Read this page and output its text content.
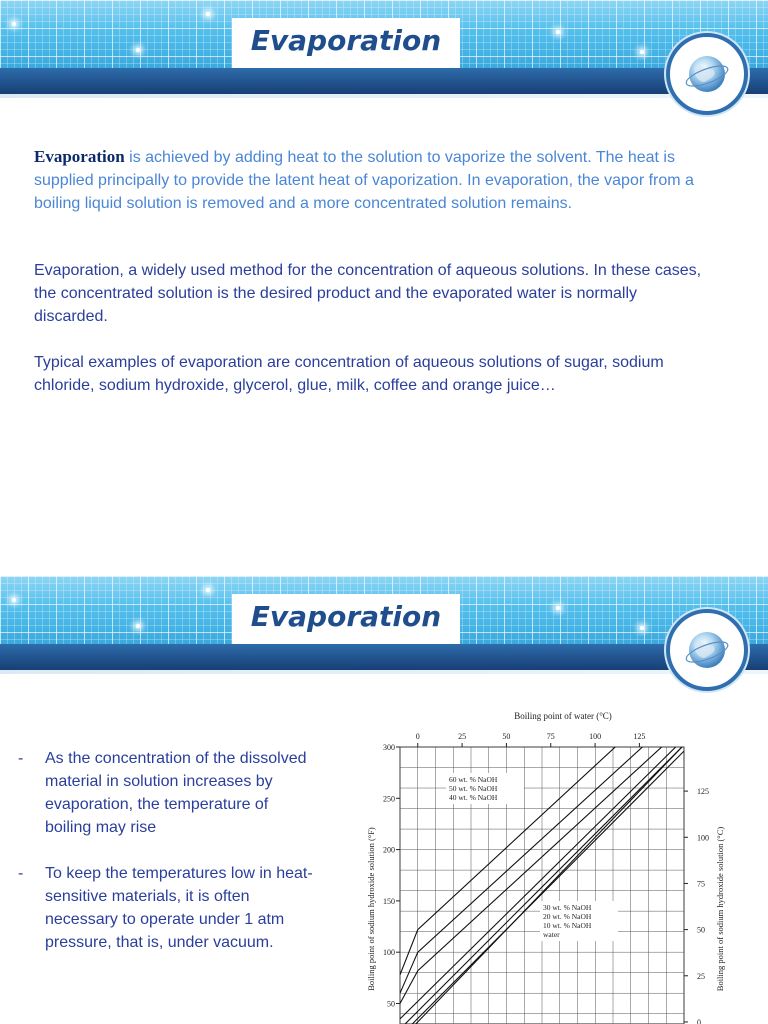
Evaporation
Evaporation is achieved by adding heat to the solution to vaporize the solvent. The heat is supplied principally to provide the latent heat of vaporization. In evaporation, the vapor from a boiling liquid solution is removed and a more concentrated solution remains.
Evaporation, a widely used method for the concentration of aqueous solutions. In these cases, the concentrated solution is the desired product and the evaporated water is normally discarded.
Typical examples of evaporation are concentration of aqueous solutions of sugar, sodium chloride, sodium hydroxide, glycerol, glue, milk, coffee and orange juice…
Evaporation
- As the concentration of the dissolved material in solution increases by evaporation, the temperature of boiling may rise
- To keep the temperatures low in heat-sensitive materials, it is often necessary to operate under 1 atm pressure, that is, under vacuum.
Boiling point of water (°C)
Boiling point of sodium hydroxide solution (°F)	Boiling point of sodium hydroxide solution (°C)
50
100
150
200
250
300
0	25	50	75	100	125
0
25
50
75
100
125
60 wt. % NaOH
50 wt. % NaOH
40 wt. % NaOH
30 wt. % NaOH
20 wt. % NaOH
10 wt. % NaOH
water
